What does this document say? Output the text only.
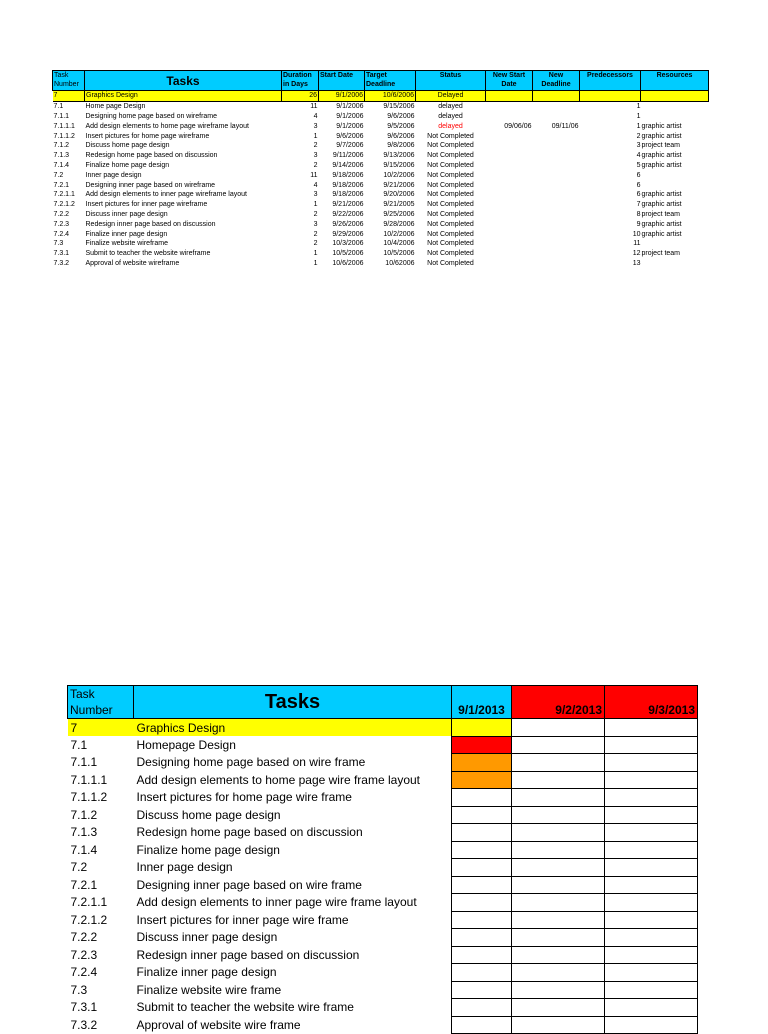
Task Number	Tasks	Duration in Days	Start Date	Target Deadline	Status	New Start Date	New Deadline	Predecessors	Resources
7	Graphics Design	26	9/1/2006	10/6/2006	Delayed				
7.1	Home page Design	11	9/1/2006	9/15/2006	delayed			1	
7.1.1	Designing home page based on wireframe	4	9/1/2006	9/6/2006	delayed			1	
7.1.1.1	Add design elements to home page wireframe layout	3	9/1/2006	9/5/2006	delayed	09/06/06	09/11/06	1	graphic artist
7.1.1.2	Insert pictures for home page wireframe	1	9/6/2006	9/6/2006	Not Completed			2	graphic artist
7.1.2	Discuss home page design	2	9/7/2006	9/8/2006	Not Completed			3	project team
7.1.3	Redesign home page based on discussion	3	9/11/2006	9/13/2006	Not Completed			4	graphic artist
7.1.4	Finalize home page design	2	9/14/2006	9/15/2006	Not Completed			5	graphic artist
7.2	Inner page design	11	9/18/2006	10/2/2006	Not Completed			6	
7.2.1	Designing inner page based on wireframe	4	9/18/2006	9/21/2006	Not Completed			6	
7.2.1.1	Add design elements to inner page wireframe layout	3	9/18/2006	9/20/2006	Not Completed			6	graphic artist
7.2.1.2	Insert pictures for inner page wireframe	1	9/21/2006	9/21/2005	Not Completed			7	graphic artist
7.2.2	Discuss inner page design	2	9/22/2006	9/25/2006	Not Completed			8	project team
7.2.3	Redesign inner page based on discussion	3	9/26/2006	9/28/2006	Not Completed			9	graphic artist
7.2.4	Finalize inner page design	2	9/29/2006	10/2/2006	Not Completed			10	graphic artist
7.3	Finalize website wireframe	2	10/3/2006	10/4/2006	Not Completed			11	
7.3.1	Submit to teacher the website wireframe	1	10/5/2006	10/5/2006	Not Completed			12	project team
7.3.2	Approval of website wireframe	1	10/6/2006	10/62006	Not Completed			13	
Task Number	Tasks	9/1/2013	9/2/2013	9/3/2013
7	Graphics Design			
7.1	Homepage Design			
7.1.1	Designing home page based on wire frame			
7.1.1.1	Add design elements to home page wire frame layout			
7.1.1.2	Insert pictures for home page wire frame			
7.1.2	Discuss home page design			
7.1.3	Redesign home page based on discussion			
7.1.4	Finalize home page design			
7.2	Inner page design			
7.2.1	Designing inner page based on wire frame			
7.2.1.1	Add design elements to inner page wire frame layout			
7.2.1.2	Insert pictures for inner page wire frame			
7.2.2	Discuss inner page design			
7.2.3	Redesign inner page based on discussion			
7.2.4	Finalize inner page design			
7.3	Finalize website wire frame			
7.3.1	Submit to teacher the website wire frame			
7.3.2	Approval of website wire frame			
